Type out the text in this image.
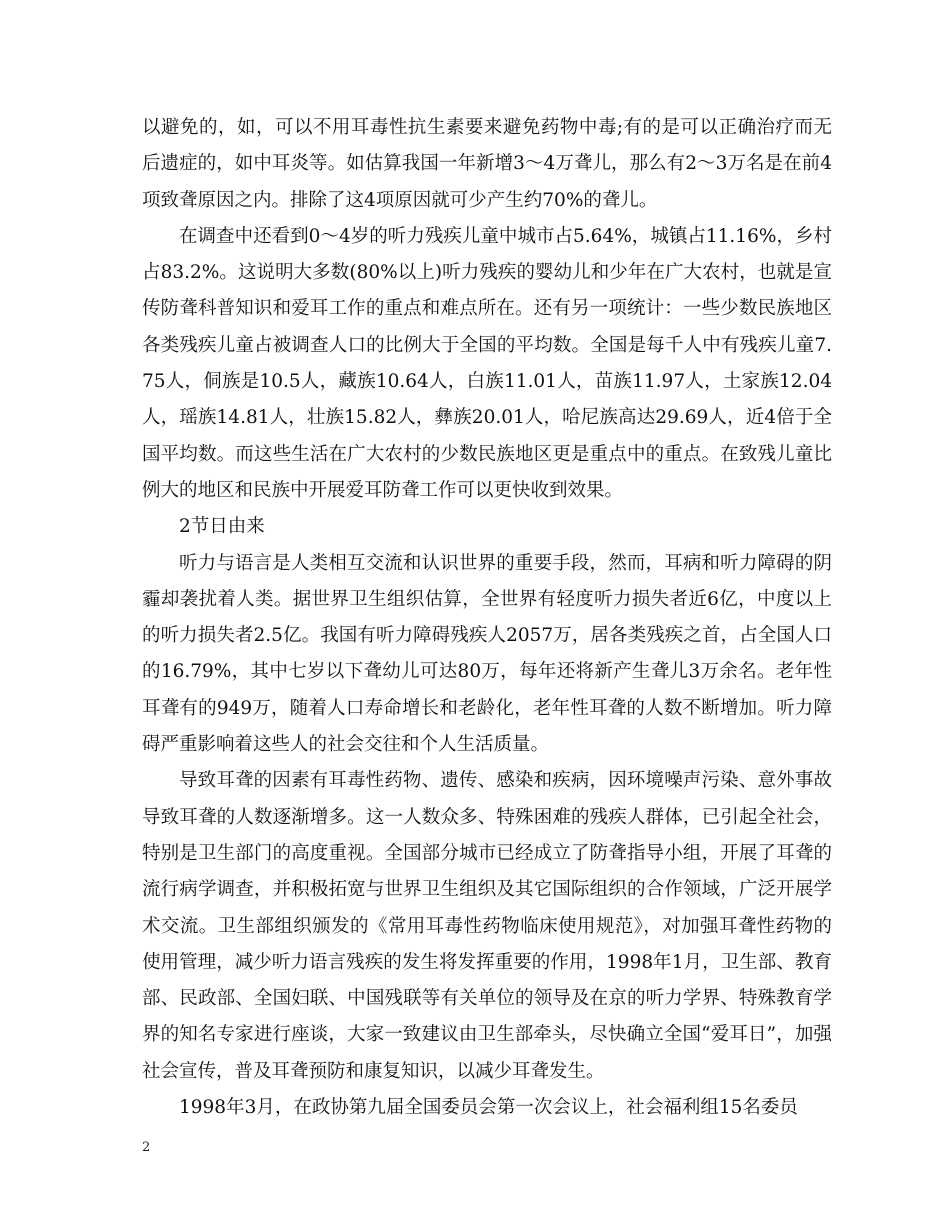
以避免的，如，可以不用耳毒性抗生素要来避免药物中毒;有的是可以正确治疗而无后遗症的，如中耳炎等。如估算我国一年新增3～4万聋儿，那么有2～3万名是在前4项致聋原因之内。排除了这4项原因就可少产生约70%的聋儿。

在调查中还看到0～4岁的听力残疾儿童中城市占5.64%，城镇占11.16%，乡村占83.2%。这说明大多数(80%以上)听力残疾的婴幼儿和少年在广大农村，也就是宣传防聋科普知识和爱耳工作的重点和难点所在。还有另一项统计：一些少数民族地区各类残疾儿童占被调查人口的比例大于全国的平均数。全国是每千人中有残疾儿童7.75人，侗族是10.5人，藏族10.64人，白族11.01人，苗族11.97人，土家族12.04人，瑶族14.81人，壮族15.82人，彝族20.01人，哈尼族高达29.69人，近4倍于全国平均数。而这些生活在广大农村的少数民族地区更是重点中的重点。在致残儿童比例大的地区和民族中开展爱耳防聋工作可以更快收到效果。

2节日由来

听力与语言是人类相互交流和认识世界的重要手段，然而，耳病和听力障碍的阴霾却袭扰着人类。据世界卫生组织估算，全世界有轻度听力损失者近6亿，中度以上的听力损失者2.5亿。我国有听力障碍残疾人2057万，居各类残疾之首，占全国人口的16.79%，其中七岁以下聋幼儿可达80万，每年还将新产生聋儿3万余名。老年性耳聋有的949万，随着人口寿命增长和老龄化，老年性耳聋的人数不断增加。听力障碍严重影响着这些人的社会交往和个人生活质量。

导致耳聋的因素有耳毒性药物、遗传、感染和疾病，因环境噪声污染、意外事故导致耳聋的人数逐渐增多。这一人数众多、特殊困难的残疾人群体，已引起全社会，特别是卫生部门的高度重视。全国部分城市已经成立了防聋指导小组，开展了耳聋的流行病学调查，并积极拓宽与世界卫生组织及其它国际组织的合作领域，广泛开展学术交流。卫生部组织颁发的《常用耳毒性药物临床使用规范》，对加强耳聋性药物的使用管理，减少听力语言残疾的发生将发挥重要的作用，1998年1月，卫生部、教育部、民政部、全国妇联、中国残联等有关单位的领导及在京的听力学界、特殊教育学界的知名专家进行座谈，大家一致建议由卫生部牵头，尽快确立全国“爱耳日”，加强社会宣传，普及耳聋预防和康复知识，以减少耳聋发生。

1998年3月，在政协第九届全国委员会第一次会议上，社会福利组15名委员

2
